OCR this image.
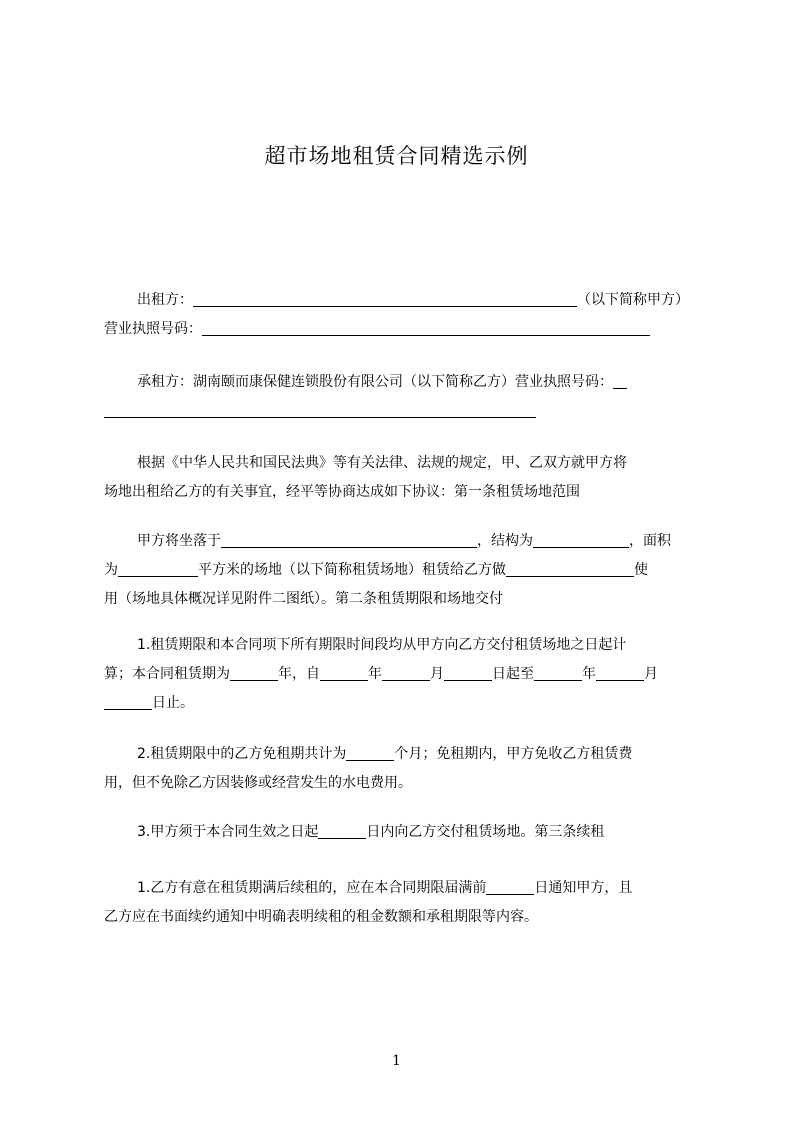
超市场地租赁合同精选示例
出租方：	（以下简称甲方）
营业执照号码：
承租方：湖南颐而康保健连锁股份有限公司（以下简称乙方）营业执照号码：
根据《中华人民共和国民法典》等有关法律、法规的规定，甲、乙双方就甲方将
场地出租给乙方的有关事宜，经平等协商达成如下协议：第一条租赁场地范围
甲方将坐落于	，结构为	，面积
为	平方米的场地（以下简称租赁场地）租赁给乙方做	使
用（场地具体概况详见附件二图纸）。第二条租赁期限和场地交付
1.租赁期限和本合同项下所有期限时间段均从甲方向乙方交付租赁场地之日起计
算；本合同租赁期为	年，自	年	月	日起至	年	月
日止。
2.租赁期限中的乙方免租期共计为	个月；免租期内，甲方免收乙方租赁费
用，但不免除乙方因装修或经营发生的水电费用。
3.甲方须于本合同生效之日起	日内向乙方交付租赁场地。第三条续租
1.乙方有意在租赁期满后续租的，应在本合同期限届满前	日通知甲方，且
乙方应在书面续约通知中明确表明续租的租金数额和承租期限等内容。
1
